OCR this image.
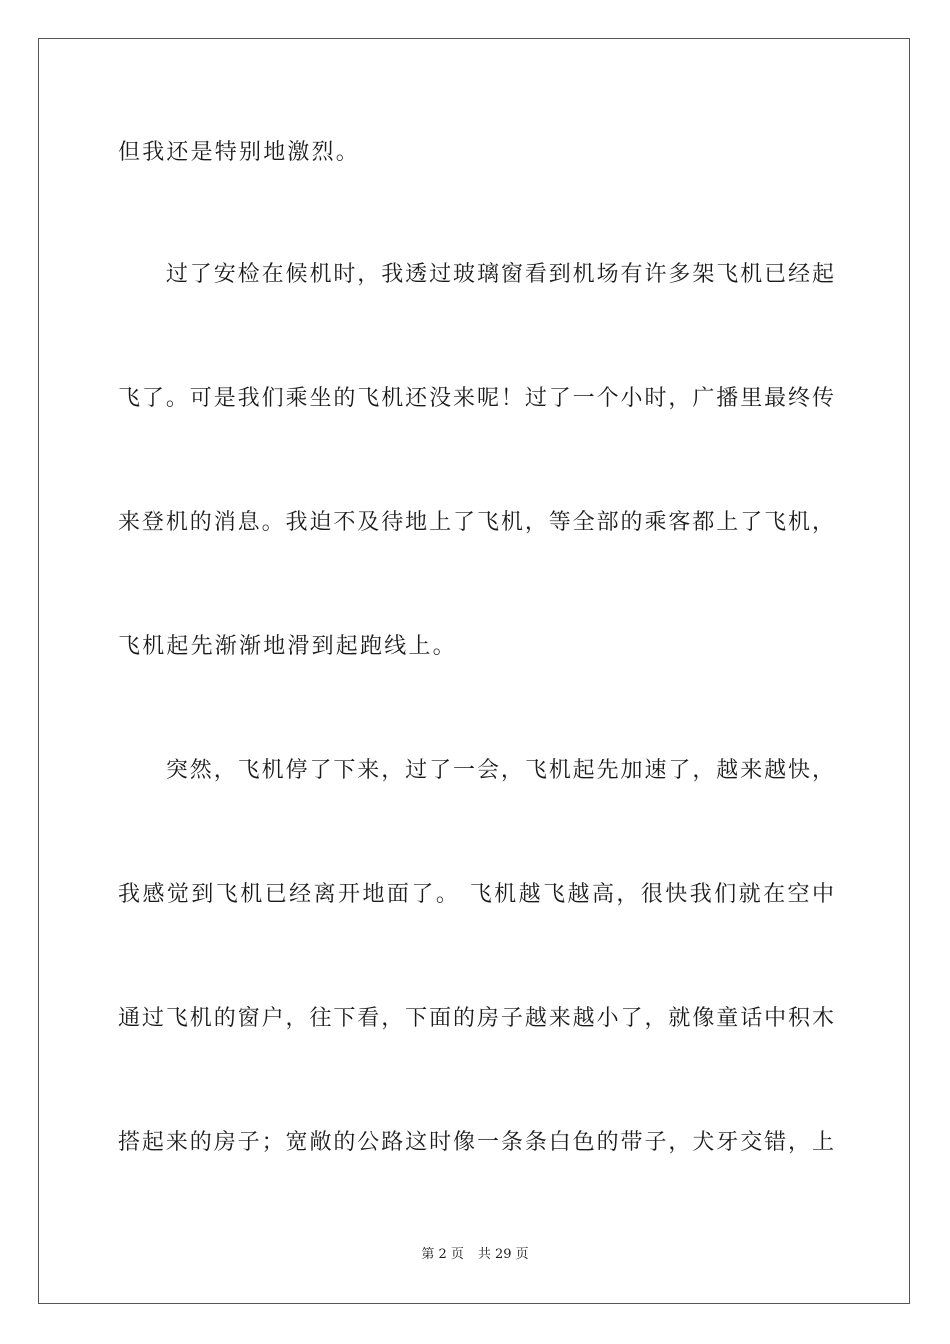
但我还是特别地激烈。
　　过了安检在候机时，我透过玻璃窗看到机场有许多架飞机已经起
飞了。可是我们乘坐的飞机还没来呢！过了一个小时，广播里最终传
来登机的消息。我迫不及待地上了飞机，等全部的乘客都上了飞机，
飞机起先渐渐地滑到起跑线上。
　　突然，飞机停了下来，过了一会，飞机起先加速了，越来越快，
我感觉到飞机已经离开地面了。 飞机越飞越高，很快我们就在空中
通过飞机的窗户，往下看，下面的房子越来越小了，就像童话中积木
搭起来的房子；宽敞的公路这时像一条条白色的带子，犬牙交错，上
第 2 页 共 29 页
